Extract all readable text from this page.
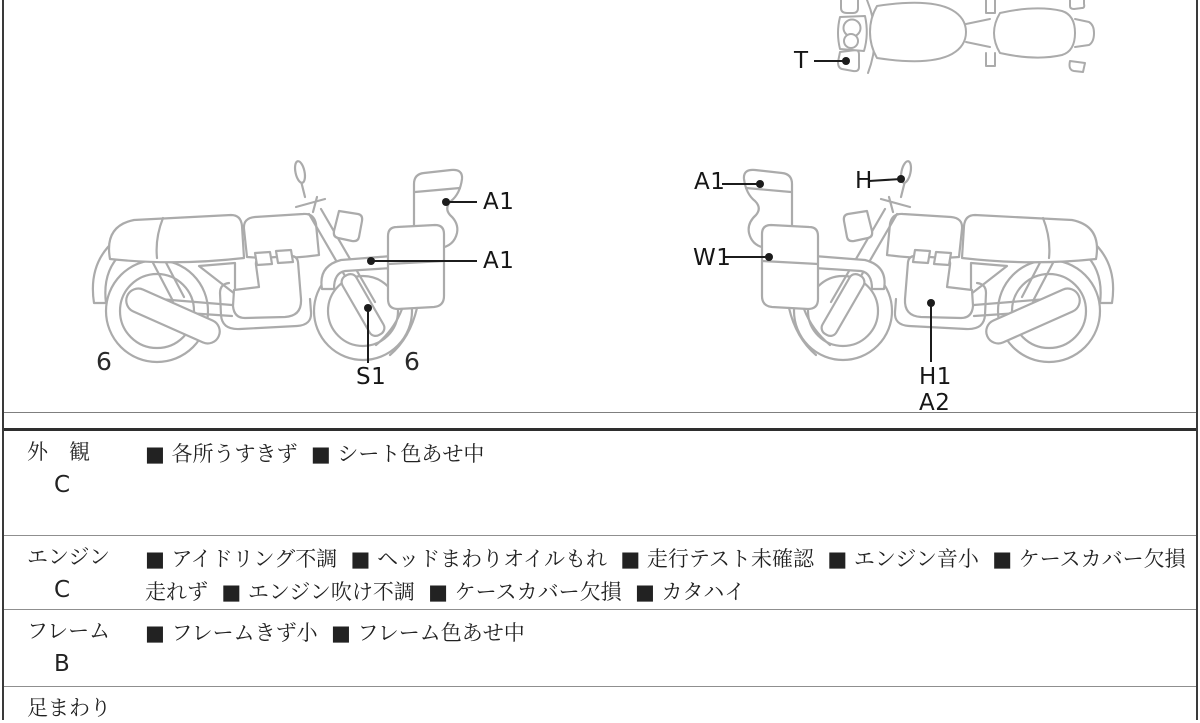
T
A1
A1
S1
6	6
A1	H
W1
H1
A2
外　観
C
■ 各所うすきず  ■ シート色あせ中
エンジン
C
■ アイドリング不調  ■ ヘッドまわりオイルもれ  ■ 走行テスト未確認  ■ エンジン音小  ■ ケースカバー欠損走れず  ■ エンジン吹け不調  ■ ケースカバー欠損  ■ カタハイ
フレーム
B
■ フレームきず小  ■ フレーム色あせ中
足まわり
